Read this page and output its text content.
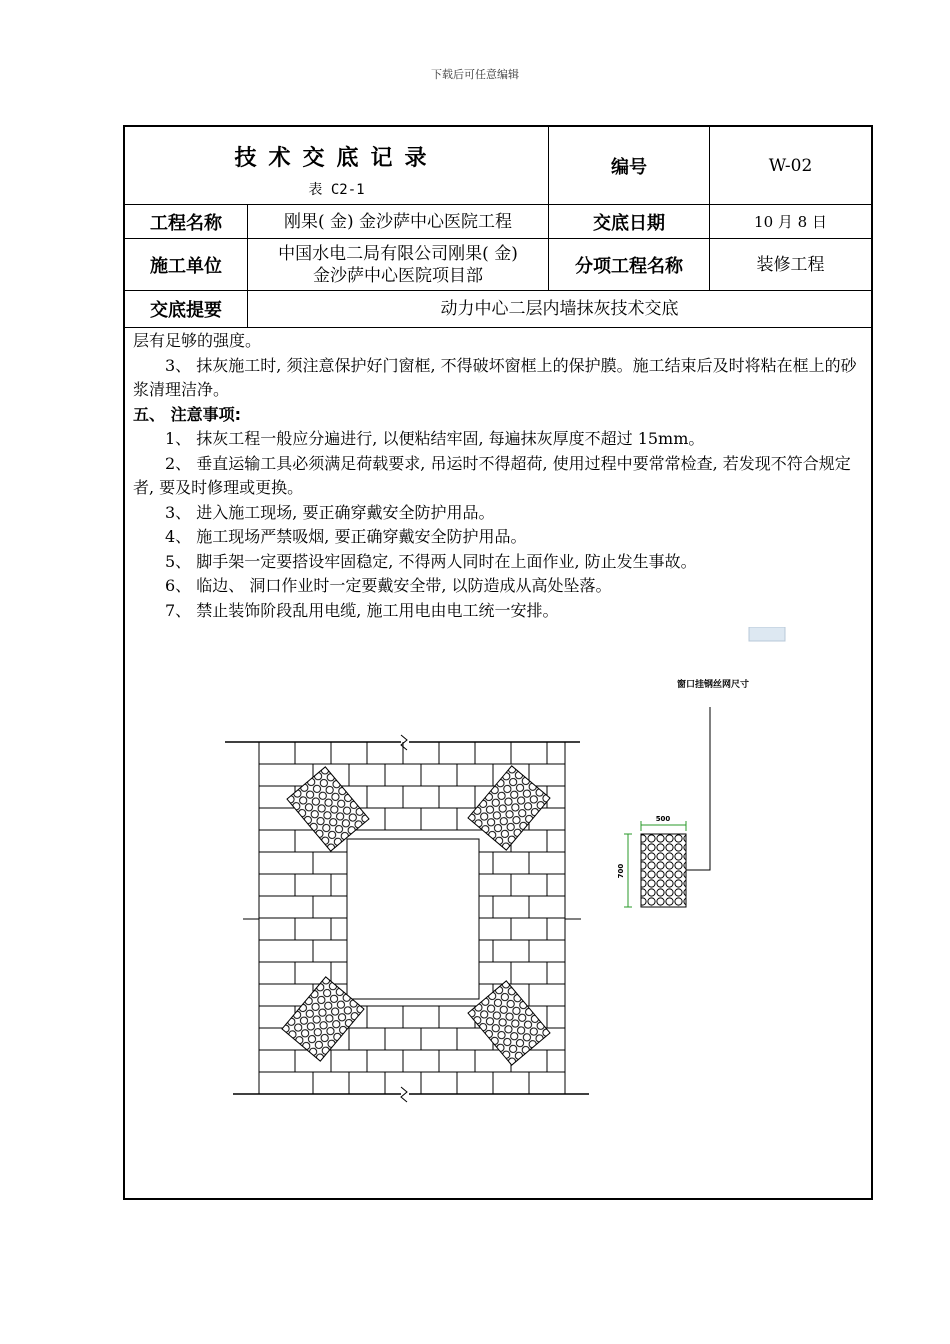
下载后可任意编辑
技术交底记录
表 C2-1
编号	W-02
工程名称	刚果( 金) 金沙萨中心医院工程	交底日期	10 月 8 日
施工单位
中国水电二局有限公司刚果( 金)
金沙萨中心医院项目部	分项工程名称	装修工程
交底提要	动力中心二层内墙抹灰技术交底

层有足够的强度。

3、 抹灰施工时, 须注意保护好门窗框, 不得破坏窗框上的保护膜。施工结束后及时将粘在框上的砂浆清理洁净。

五、 注意事项:

1、 抹灰工程一般应分遍进行, 以便粘结牢固, 每遍抹灰厚度不超过 15mm。

2、 垂直运输工具必须满足荷载要求, 吊运时不得超荷, 使用过程中要常常检查, 若发现不符合规定者, 要及时修理或更换。

3、 进入施工现场, 要正确穿戴安全防护用品。

4、 施工现场严禁吸烟, 要正确穿戴安全防护用品。

5、 脚手架一定要搭设牢固稳定, 不得两人同时在上面作业, 防止发生事故。

6、 临边、 洞口作业时一定要戴安全带, 以防造成从高处坠落。

7、 禁止装饰阶段乱用电缆, 施工用电由电工统一安排。

500
700
窗口挂钢丝网尺寸
